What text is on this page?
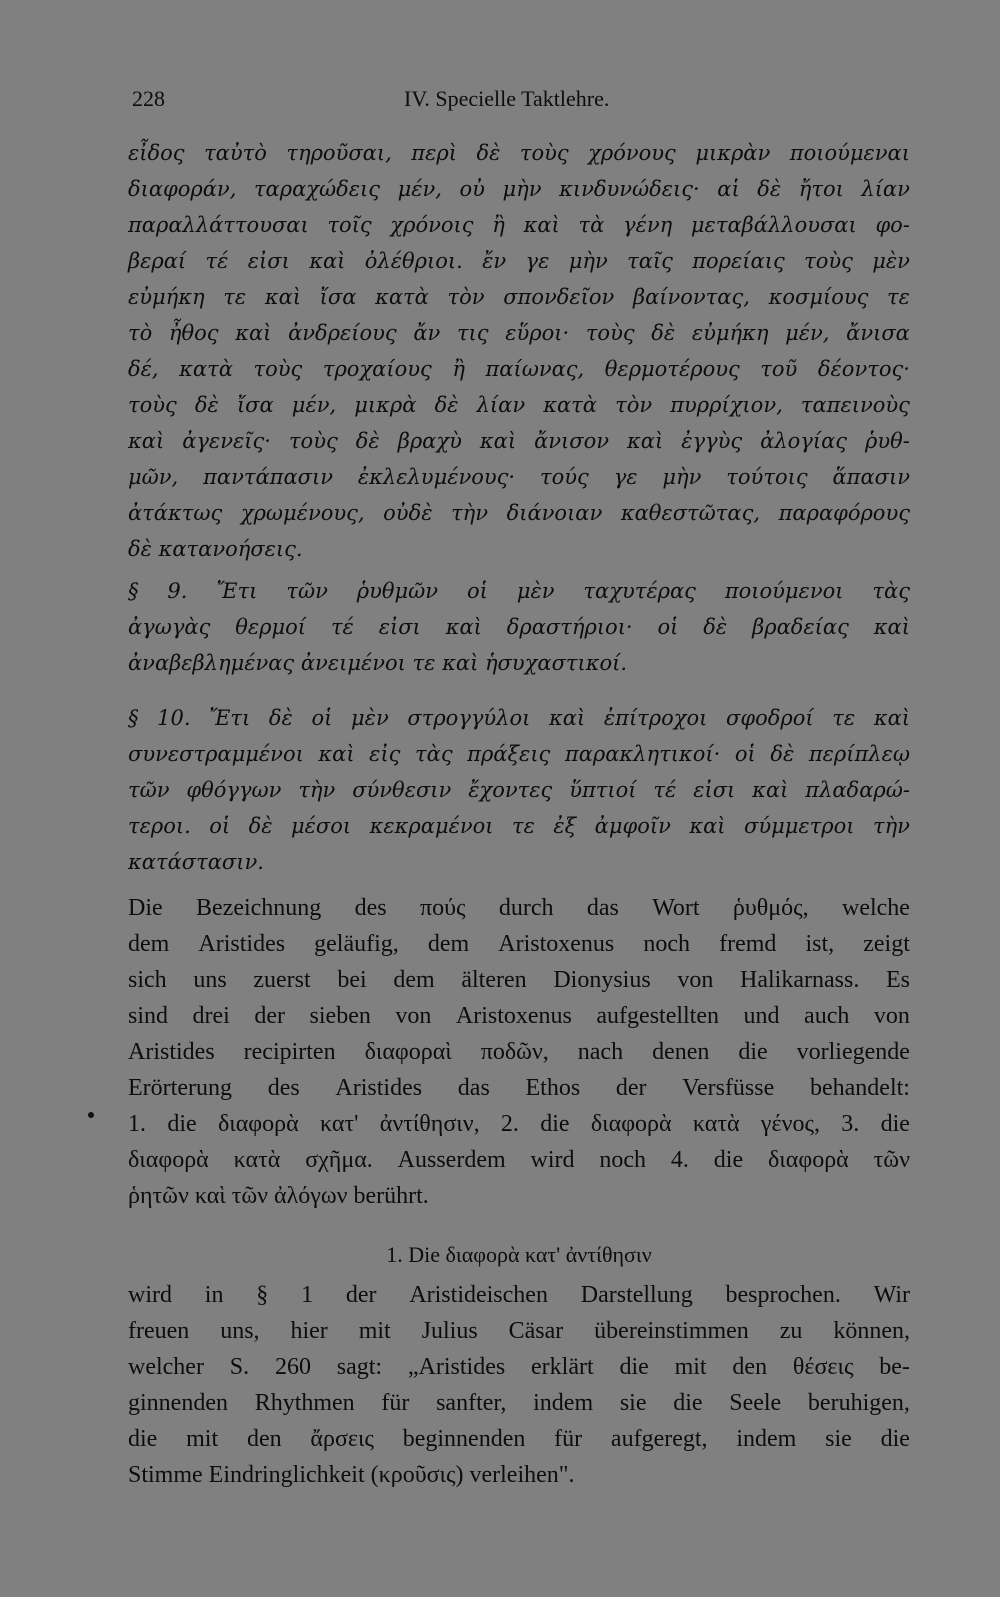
228	IV. Specielle Taktlehre.
εἶδος ταὐτὸ τηροῦσαι, περὶ δὲ τοὺς χρόνους μικρὰν ποιούμεναι
διαφοράν, ταραχώδεις μέν, οὐ μὴν κινδυνώδεις· αἱ δὲ ἤτοι λίαν
παραλλάττουσαι τοῖς χρόνοις ἢ καὶ τὰ γένη μεταβάλλουσαι φο-
βεραί τέ εἰσι καὶ ὀλέθριοι. ἔν γε μὴν ταῖς πορείαις τοὺς μὲν
εὐμήκη τε καὶ ἴσα κατὰ τὸν σπονδεῖον βαίνοντας, κοσμίους τε
τὸ ἦθος καὶ ἀνδρείους ἄν τις εὕροι· τοὺς δὲ εὐμήκη μέν, ἄνισα
δέ, κατὰ τοὺς τροχαίους ἢ παίωνας, θερμοτέρους τοῦ δέοντος·
τοὺς δὲ ἴσα μέν, μικρὰ δὲ λίαν κατὰ τὸν πυρρίχιον, ταπεινοὺς
καὶ ἀγενεῖς· τοὺς δὲ βραχὺ καὶ ἄνισον καὶ ἐγγὺς ἀλογίας ῥυθ-
μῶν, παντάπασιν ἐκλελυμένους· τούς γε μὴν τούτοις ἅπασιν
ἀτάκτως χρωμένους, οὐδὲ τὴν διάνοιαν καθεστῶτας, παραφόρους
δὲ κατανοήσεις.
§ 9. Ἔτι τῶν ῥυθμῶν οἱ μὲν ταχυτέρας ποιούμενοι τὰς
ἀγωγὰς θερμοί τέ εἰσι καὶ δραστήριοι· οἱ δὲ βραδείας καὶ
ἀναβεβλημένας ἀνειμένοι τε καὶ ἡσυχαστικοί.
§ 10. Ἔτι δὲ οἱ μὲν στρογγύλοι καὶ ἐπίτροχοι σφοδροί τε καὶ
συνεστραμμένοι καὶ εἰς τὰς πράξεις παρακλητικοί· οἱ δὲ περίπλεῳ
τῶν φθόγγων τὴν σύνθεσιν ἔχοντες ὕπτιοί τέ εἰσι καὶ πλαδαρώ-
τεροι. οἱ δὲ μέσοι κεκραμένοι τε ἐξ ἀμφοῖν καὶ σύμμετροι τὴν
κατάστασιν.
Die Bezeichnung des πούς durch das Wort ῥυθμός, welche
dem Aristides geläufig, dem Aristoxenus noch fremd ist, zeigt
sich uns zuerst bei dem älteren Dionysius von Halikarnass. Es
sind drei der sieben von Aristoxenus aufgestellten und auch von
Aristides recipirten διαφοραὶ ποδῶν, nach denen die vorliegende
Erörterung des Aristides das Ethos der Versfüsse behandelt:
1. die διαφορὰ κατ' ἀντίθησιν, 2. die διαφορὰ κατὰ γένος, 3. die
διαφορὰ κατὰ σχῆμα. Ausserdem wird noch 4. die διαφορὰ τῶν
ῥητῶν καὶ τῶν ἀλόγων berührt.
1. Die διαφορὰ κατ' ἀντίθησιν
wird in § 1 der Aristideischen Darstellung besprochen. Wir
freuen uns, hier mit Julius Cäsar übereinstimmen zu können,
welcher S. 260 sagt: „Aristides erklärt die mit den θέσεις be-
ginnenden Rhythmen für sanfter, indem sie die Seele beruhigen,
die mit den ἄρσεις beginnenden für aufgeregt, indem sie die
Stimme Eindringlichkeit (κροῦσις) verleihen".
